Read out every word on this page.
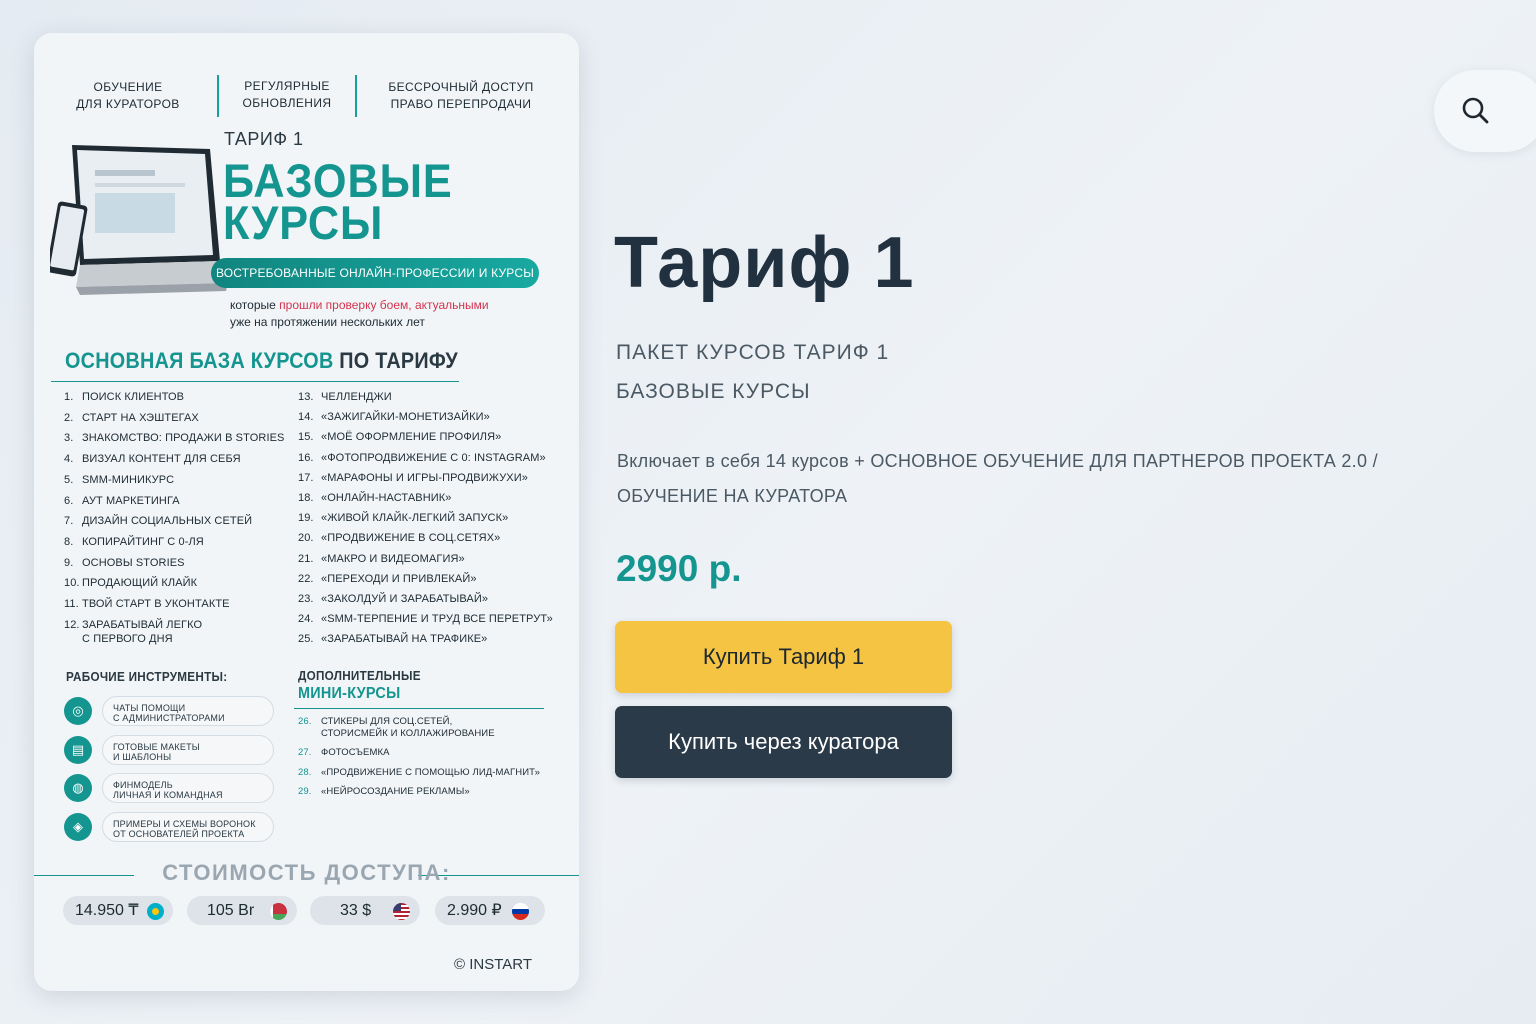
ОБУЧЕНИЕ
ДЛЯ КУРАТОРОВ
РЕГУЛЯРНЫЕ
ОБНОВЛЕНИЯ
БЕССРОЧНЫЙ ДОСТУП
ПРАВО ПЕРЕПРОДАЧИ
ТАРИФ 1
БАЗОВЫЕ
КУРСЫ
ВОСТРЕБОВАННЫЕ ОНЛАЙН-ПРОФЕССИИ И КУРСЫ
которые прошли проверку боем, актуальными
уже на протяжении нескольких лет
ОСНОВНАЯ БАЗА КУРСОВ ПО ТАРИФУ
1. ПОИСК КЛИЕНТОВ
2. СТАРТ НА ХЭШТЕГАХ
3. ЗНАКОМСТВО: ПРОДАЖИ В STORIES
4. ВИЗУАЛ КОНТЕНТ ДЛЯ СЕБЯ
5. SMM-МИНИКУРС
6. АУТ МАРКЕТИНГА
7. ДИЗАЙН СОЦИАЛЬНЫХ СЕТЕЙ
8. КОПИРАЙТИНГ С 0-ЛЯ
9. ОСНОВЫ STORIES
10. ПРОДАЮЩИЙ КЛАЙК
11. ТВОЙ СТАРТ В УКОНТАКТЕ
12. ЗАРАБАТЫВАЙ ЛЕГКО
С ПЕРВОГО ДНЯ
13. ЧЕЛЛЕНДЖИ
14. «ЗАЖИГАЙКИ-МОНЕТИЗАЙКИ»
15. «МОЁ ОФОРМЛЕНИЕ ПРОФИЛЯ»
16. «ФОТОПРОДВИЖЕНИЕ С 0: INSTAGRAM»
17. «МАРАФОНЫ И ИГРЫ-ПРОДВИЖУХИ»
18. «ОНЛАЙН-НАСТАВНИК»
19. «ЖИВОЙ КЛАЙК-ЛЕГКИЙ ЗАПУСК»
20. «ПРОДВИЖЕНИЕ В СОЦ.СЕТЯХ»
21. «МАКРО И ВИДЕОМАГИЯ»
22. «ПЕРЕХОДИ И ПРИВЛЕКАЙ»
23. «ЗАКОЛДУЙ И ЗАРАБАТЫВАЙ»
24. «SMM-ТЕРПЕНИЕ И ТРУД ВСЕ ПЕРЕТРУТ»
25. «ЗАРАБАТЫВАЙ НА ТРАФИКЕ»
РАБОЧИЕ ИНСТРУМЕНТЫ:
◎	ЧАТЫ ПОМОЩИ
С АДМИНИСТРАТОРАМИ
▤	ГОТОВЫЕ МАКЕТЫ
И ШАБЛОНЫ
◍	ФИНМОДЕЛЬ
ЛИЧНАЯ И КОМАНДНАЯ
◈	ПРИМЕРЫ И СХЕМЫ ВОРОНОК
ОТ ОСНОВАТЕЛЕЙ ПРОЕКТА
ДОПОЛНИТЕЛЬНЫЕ
МИНИ-КУРСЫ
26. СТИКЕРЫ ДЛЯ СОЦ.СЕТЕЙ,
СТОРИСМЕЙК И КОЛЛАЖИРОВАНИЕ
27. ФОТОСЪЕМКА
28. «ПРОДВИЖЕНИЕ С ПОМОЩЬЮ ЛИД-МАГНИТ»
29. «НЕЙРОСОЗДАНИЕ РЕКЛАМЫ»
СТОИМОСТЬ ДОСТУПА:
14.950 ₸	105 Br	33 $	2.990 ₽
© INSTART
Тариф 1
ПАКЕТ КУРСОВ ТАРИФ 1
БАЗОВЫЕ КУРСЫ
Включает в себя 14 курсов + ОСНОВНОЕ ОБУЧЕНИЕ ДЛЯ ПАРТНЕРОВ ПРОЕКТА 2.0 /
ОБУЧЕНИЕ НА КУРАТОРА
2990 р.
Купить Тариф 1
Купить через куратора
